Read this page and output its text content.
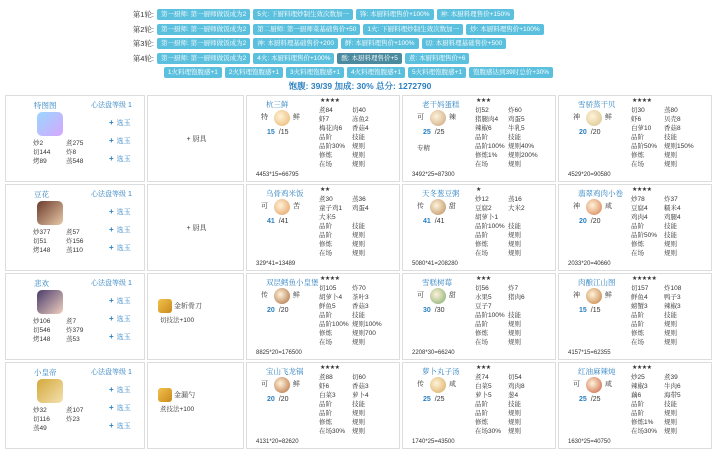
第1轮:	第一厨师: 第一厨师做饭成为2	5火: 下厨料理炒制生效次数加一	锋: 本厨料理售价+100%	神: 本厨料理售价+150%
第2轮:	第一厨师: 第一厨师做饭成为2	第二厨师: 第一厨师菜基础售价+50	1火: 下厨料理炒制生效次数加一	炒: 本厨料理售价+100%
第3轮:	第一厨师: 第一厨师做饭成为2	神: 本厨料理基础售价+200	鲜: 本厨料理售价+100%	切: 本厨料理基础售价+500
第4轮:	第一厨师: 第一厨师做饭成为2	4火: 本厨料理售价+100%	酸: 本厨料理售价+5	煮: 本厨料理售价+6
1火料理饱腹感+1	2火料理饱腹感+1	3火料理饱腹感+1	4火料理饱腹感+1	5火料理饱腹感+1	饱腹感达到39时总价+30%
饱腹: 39/39 加成: 30% 总分: 1272790
特图图
炒2	煮275
切144 炸8
烤89	蒸548
心法盘等级 1
+ 选玉
+ 选玉
+ 选玉
+ 厨具
杭三鲜	★★★★
特	鲜
15 /15
4453*15=66795
煮84	切40
虾7	冻鱼2
梅花肉6	香菇4
品阶	技能
品阶30%	规则
修炼	规则
在场	规则
老干妈蛋糕	★★★
可	辣
25 /25
专精
3492*25=87300
切52	炸60
猪腿肉4	鸡蛋5
辣椒6	牛乳5
品阶	技能
品阶100% 规则40%
修炼1%	规则200%
在场	规则
雪骄蒸干贝	★★★★
神	鲜
20 /20
4529*20=90580
切30	蒸80
虾6	贝壳8
白萝10	香菇8
品阶	技能
品阶50%	规则150%
修炼	规则
在场	规则
豆花
炒377 煮57
切51	炸156
烤148 蒸110
心法盘等级 1
+ 选玉
+ 选玉
+ 选玉
+ 厨具
乌骨鸡米饭	★★
可	苦
41 /41
329*41=13489
煮30	蒸36
童子鸡1	鸡蛋4
大米5
品阶	技能
品阶	规则
修炼	规则
在场	规则
天冬葱豆粥	★
传	甜
41 /41
5080*41=208280
炒12	蒸16
豆腐2	大米2
胡萝卜1
品阶100% 技能
品阶	规则
修炼	规则
在场	规则
翡翠鸡肉小卷 ★★★★
神	咸
20 /20
2033*20=40660
炒78	炸37
豆腐4	糯米4
鸡肉4	鸡腿4
品阶	技能
品阶50%	技能
修炼	规则
在场	规则
悲欢
炒106 煮7
切546 炸379
烤148 蒸53
心法盘等级 1
+ 选玉
+ 选玉
+ 选玉
金斩骨刀
切技法+100
双层鳕鱼小皇堡 ★★★★
传	鲜
20 /20
8825*20=176500
切105	炸70
胡萝卜4	茶叶3
鲜鱼5	香菇3
品阶	技能
品阶100% 规则100%
修炼	规则700
在场	规则
雪糕树莓	★★★
可	甜
30 /30
2208*30=66240
切56	炸7
水果5	猪肉6
豆子7
品阶100% 技能
品阶	规则
修炼	规则
在场	规则
肉酿江山图	★★★★★
神	鲜
15 /15
4157*15=62355
切157	炸108
鲜鱼4	鸭子3
螃蟹3	辣椒3
品阶	技能
品阶	规则
修炼	规则
在场	规则
小皇帝
炒32	煮107
切116 炸23
蒸49
心法盘等级 1
+ 选玉
+ 选玉
+ 选玉
金漏勺
煮技法+100
宝山飞龙锅	★★★★
可	鲜
20 /20
4131*20=82620
煮88	切60
虾6	香菇3
白菜3	萝卜4
品阶	技能
品阶	规则
修炼	规则
在场30%	规则
萝卜丸子汤	★★★
传	咸
25 /25
1740*25=43500
煮74	切54
白菜5	鸡肉8
萝卜5	葱4
品阶	技能
品阶	规则
修炼	规则
在场30%	规则
红油麻辣炖	★★★★
可	咸
25 /25
1630*25=40750
炒25	煮39
辣椒3	牛肉6
藕6	海带5
品阶	技能
品阶	规则
修炼1%	规则
在场30%	规则
